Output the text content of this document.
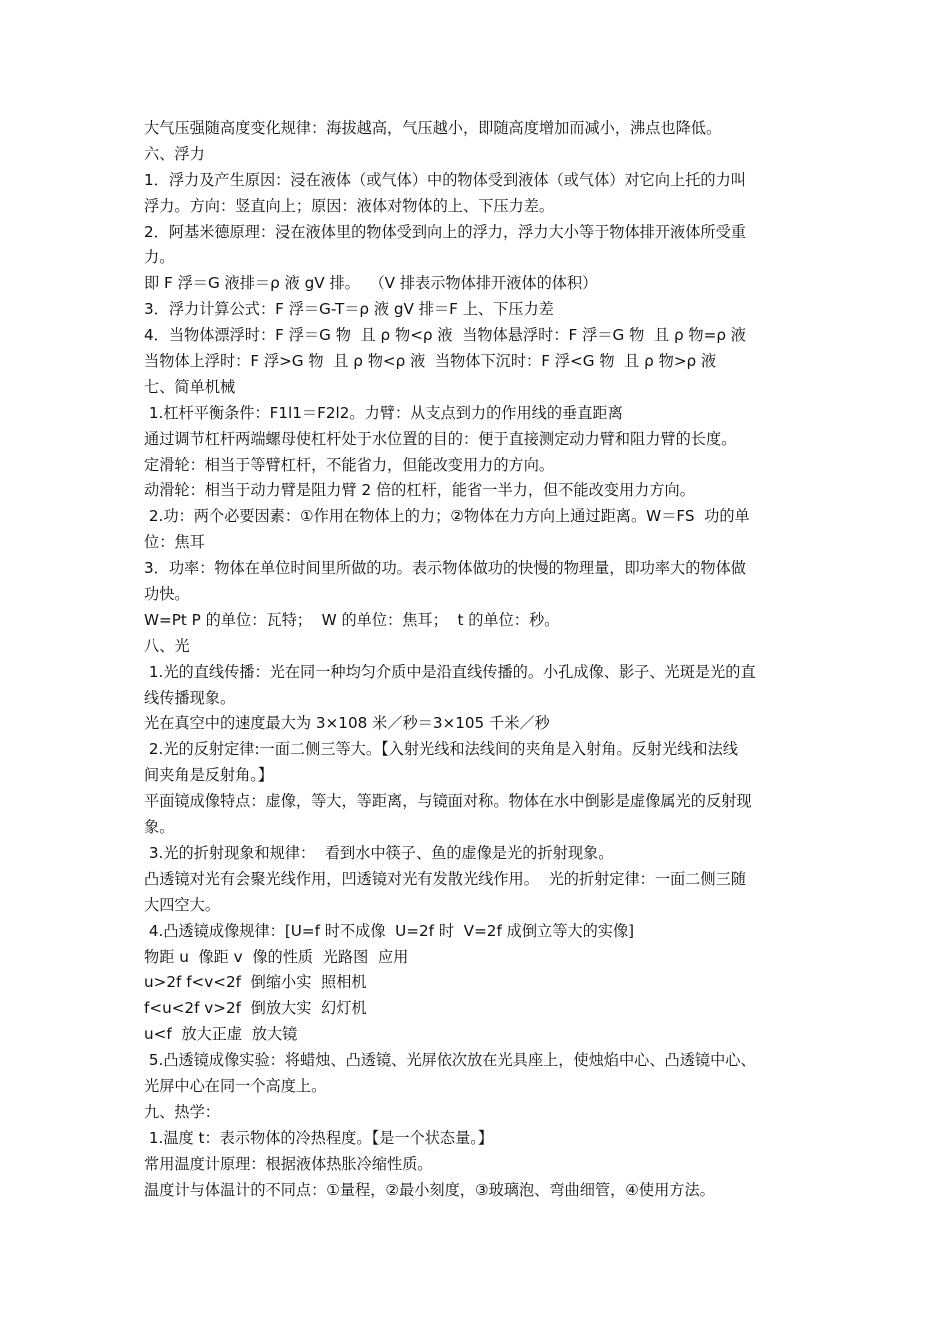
大气压强随高度变化规律：海拔越高，气压越小，即随高度增加而减小，沸点也降低。
六、浮力
1．浮力及产生原因：浸在液体（或气体）中的物体受到液体（或气体）对它向上托的力叫
浮力。方向：竖直向上；原因：液体对物体的上、下压力差。
2．阿基米德原理：浸在液体里的物体受到向上的浮力，浮力大小等于物体排开液体所受重
力。
即 F 浮＝G 液排＝ρ 液 gV 排。  （V 排表示物体排开液体的体积）
3．浮力计算公式：F 浮＝G-T＝ρ 液 gV 排＝F 上、下压力差
4．当物体漂浮时：F 浮＝G 物  且 ρ 物<ρ 液  当物体悬浮时：F 浮＝G 物  且 ρ 物=ρ 液
当物体上浮时：F 浮>G 物  且 ρ 物<ρ 液  当物体下沉时：F 浮<G 物  且 ρ 物>ρ 液
七、简单机械
1.杠杆平衡条件：F1l1＝F2l2。力臂：从支点到力的作用线的垂直距离
通过调节杠杆两端螺母使杠杆处于水位置的目的：便于直接测定动力臂和阻力臂的长度。
定滑轮：相当于等臂杠杆，不能省力，但能改变用力的方向。
动滑轮：相当于动力臂是阻力臂 2 倍的杠杆，能省一半力，但不能改变用力方向。
2.功：两个必要因素：①作用在物体上的力；②物体在力方向上通过距离。W＝FS  功的单
位：焦耳
3．功率：物体在单位时间里所做的功。表示物体做功的快慢的物理量，即功率大的物体做
功快。
W=Pt P 的单位：瓦特；  W 的单位：焦耳；  t 的单位：秒。
八、光
1.光的直线传播：光在同一种均匀介质中是沿直线传播的。小孔成像、影子、光斑是光的直
线传播现象。
光在真空中的速度最大为 3×108 米／秒＝3×105 千米／秒
2.光的反射定律:一面二侧三等大。【入射光线和法线间的夹角是入射角。反射光线和法线
间夹角是反射角。】
平面镜成像特点：虚像，等大，等距离，与镜面对称。物体在水中倒影是虚像属光的反射现
象。
3.光的折射现象和规律：  看到水中筷子、鱼的虚像是光的折射现象。
凸透镜对光有会聚光线作用，凹透镜对光有发散光线作用。  光的折射定律：一面二侧三随
大四空大。
4.凸透镜成像规律：[U=f 时不成像  U=2f 时  V=2f 成倒立等大的实像]
物距 u  像距 v  像的性质  光路图  应用
u>2f f<v<2f  倒缩小实  照相机
f<u<2f v>2f  倒放大实  幻灯机
u<f  放大正虚  放大镜
5.凸透镜成像实验：将蜡烛、凸透镜、光屏依次放在光具座上，使烛焰中心、凸透镜中心、
光屏中心在同一个高度上。
九、热学：
1.温度 t：表示物体的冷热程度。【是一个状态量。】
常用温度计原理：根据液体热胀冷缩性质。
温度计与体温计的不同点：①量程，②最小刻度，③玻璃泡、弯曲细管，④使用方法。
